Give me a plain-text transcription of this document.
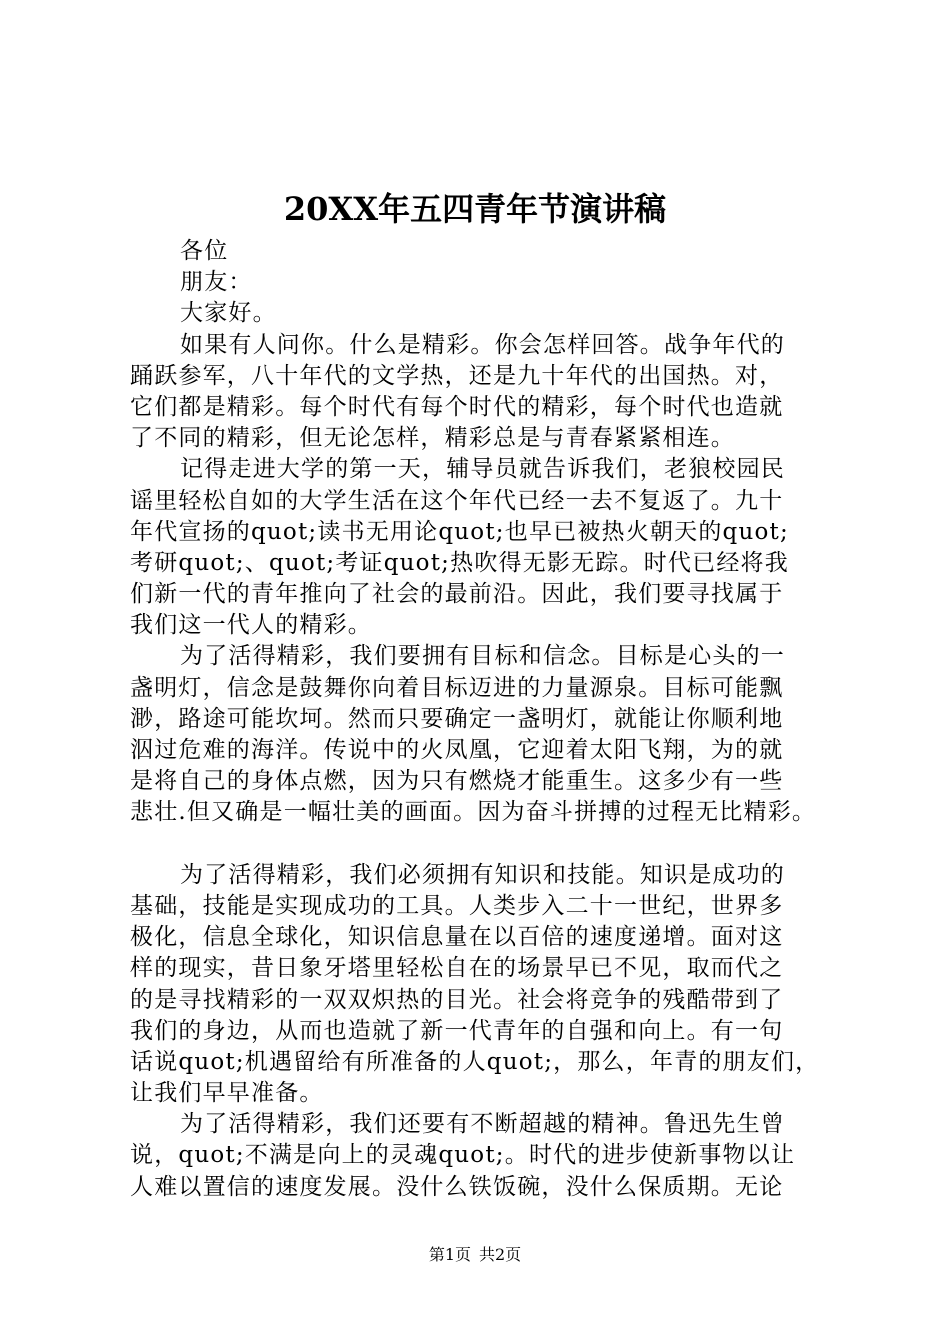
20XX年五四青年节演讲稿
各位
朋友：
大家好。
如果有人问你。什么是精彩。你会怎样回答。战争年代的
踊跃参军，八十年代的文学热，还是九十年代的出国热。对，
它们都是精彩。每个时代有每个时代的精彩，每个时代也造就
了不同的精彩，但无论怎样，精彩总是与青春紧紧相连。
记得走进大学的第一天，辅导员就告诉我们，老狼校园民
谣里轻松自如的大学生活在这个年代已经一去不复返了。九十
年代宣扬的quot;读书无用论quot;也早已被热火朝天的quot;
考研quot;、quot;考证quot;热吹得无影无踪。时代已经将我
们新一代的青年推向了社会的最前沿。因此，我们要寻找属于
我们这一代人的精彩。
为了活得精彩，我们要拥有目标和信念。目标是心头的一
盏明灯，信念是鼓舞你向着目标迈进的力量源泉。目标可能飘
渺，路途可能坎坷。然而只要确定一盏明灯，就能让你顺利地
泅过危难的海洋。传说中的火凤凰，它迎着太阳飞翔，为的就
是将自己的身体点燃，因为只有燃烧才能重生。这多少有一些
悲壮.但又确是一幅壮美的画面。因为奋斗拼搏的过程无比精彩。
为了活得精彩，我们必须拥有知识和技能。知识是成功的
基础，技能是实现成功的工具。人类步入二十一世纪，世界多
极化，信息全球化，知识信息量在以百倍的速度递增。面对这
样的现实，昔日象牙塔里轻松自在的场景早已不见，取而代之
的是寻找精彩的一双双炽热的目光。社会将竞争的残酷带到了
我们的身边，从而也造就了新一代青年的自强和向上。有一句
话说quot;机遇留给有所准备的人quot;，那么，年青的朋友们，
让我们早早准备。
为了活得精彩，我们还要有不断超越的精神。鲁迅先生曾
说，quot;不满是向上的灵魂quot;。时代的进步使新事物以让
人难以置信的速度发展。没什么铁饭碗，没什么保质期。无论
第1页 共2页
